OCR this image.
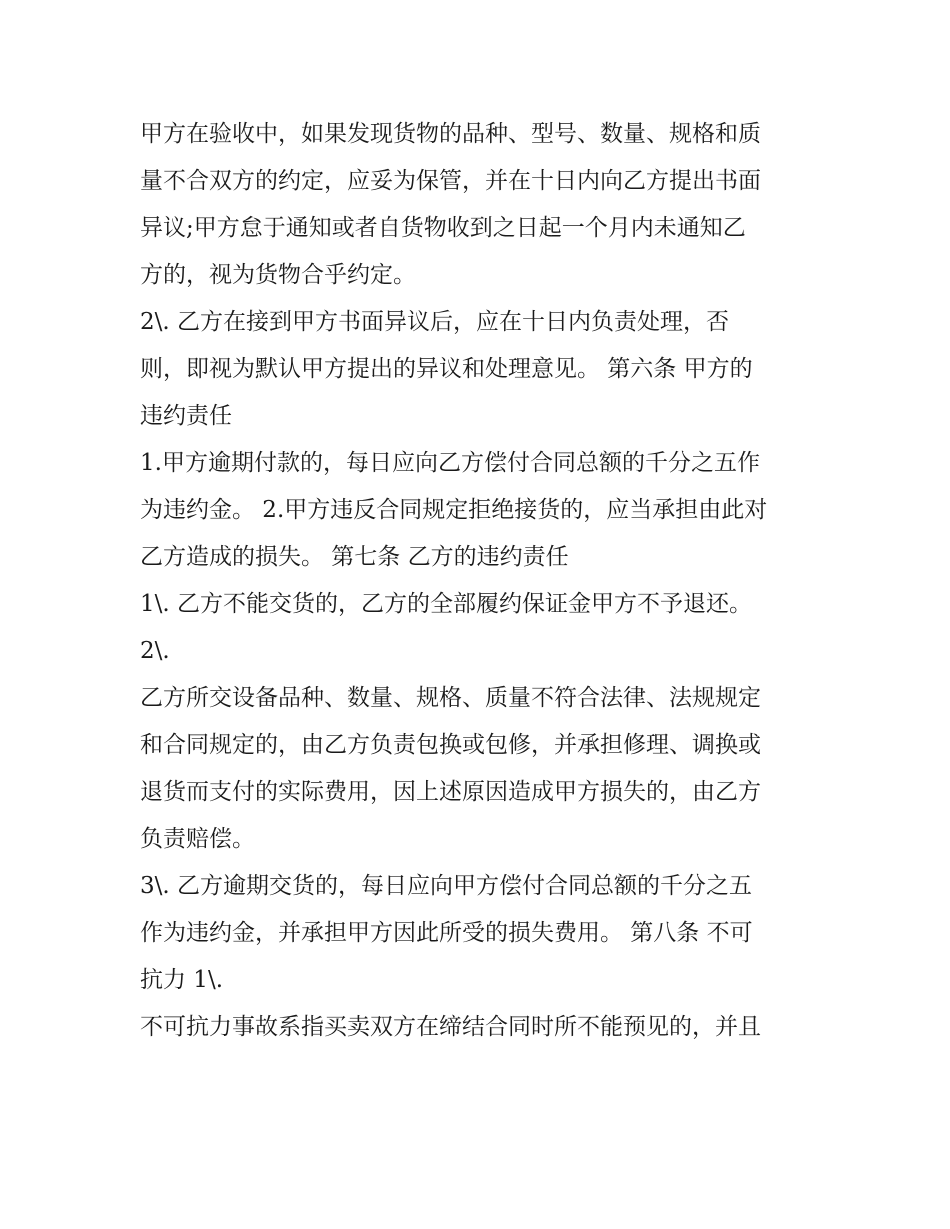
甲方在验收中，如果发现货物的品种、型号、数量、规格和质
量不合双方的约定，应妥为保管，并在十日内向乙方提出书面
异议;甲方怠于通知或者自货物收到之日起一个月内未通知乙
方的，视为货物合乎约定。
2\. 乙方在接到甲方书面异议后，应在十日内负责处理，否
则，即视为默认甲方提出的异议和处理意见。 第六条 甲方的
违约责任
1.甲方逾期付款的，每日应向乙方偿付合同总额的千分之五作
为违约金。 2.甲方违反合同规定拒绝接货的，应当承担由此对
乙方造成的损失。 第七条 乙方的违约责任
1\. 乙方不能交货的，乙方的全部履约保证金甲方不予退还。
2\.
乙方所交设备品种、数量、规格、质量不符合法律、法规规定
和合同规定的，由乙方负责包换或包修，并承担修理、调换或
退货而支付的实际费用，因上述原因造成甲方损失的，由乙方
负责赔偿。
3\. 乙方逾期交货的，每日应向甲方偿付合同总额的千分之五
作为违约金，并承担甲方因此所受的损失费用。 第八条 不可
抗力 1\.
不可抗力事故系指买卖双方在缔结合同时所不能预见的，并且
